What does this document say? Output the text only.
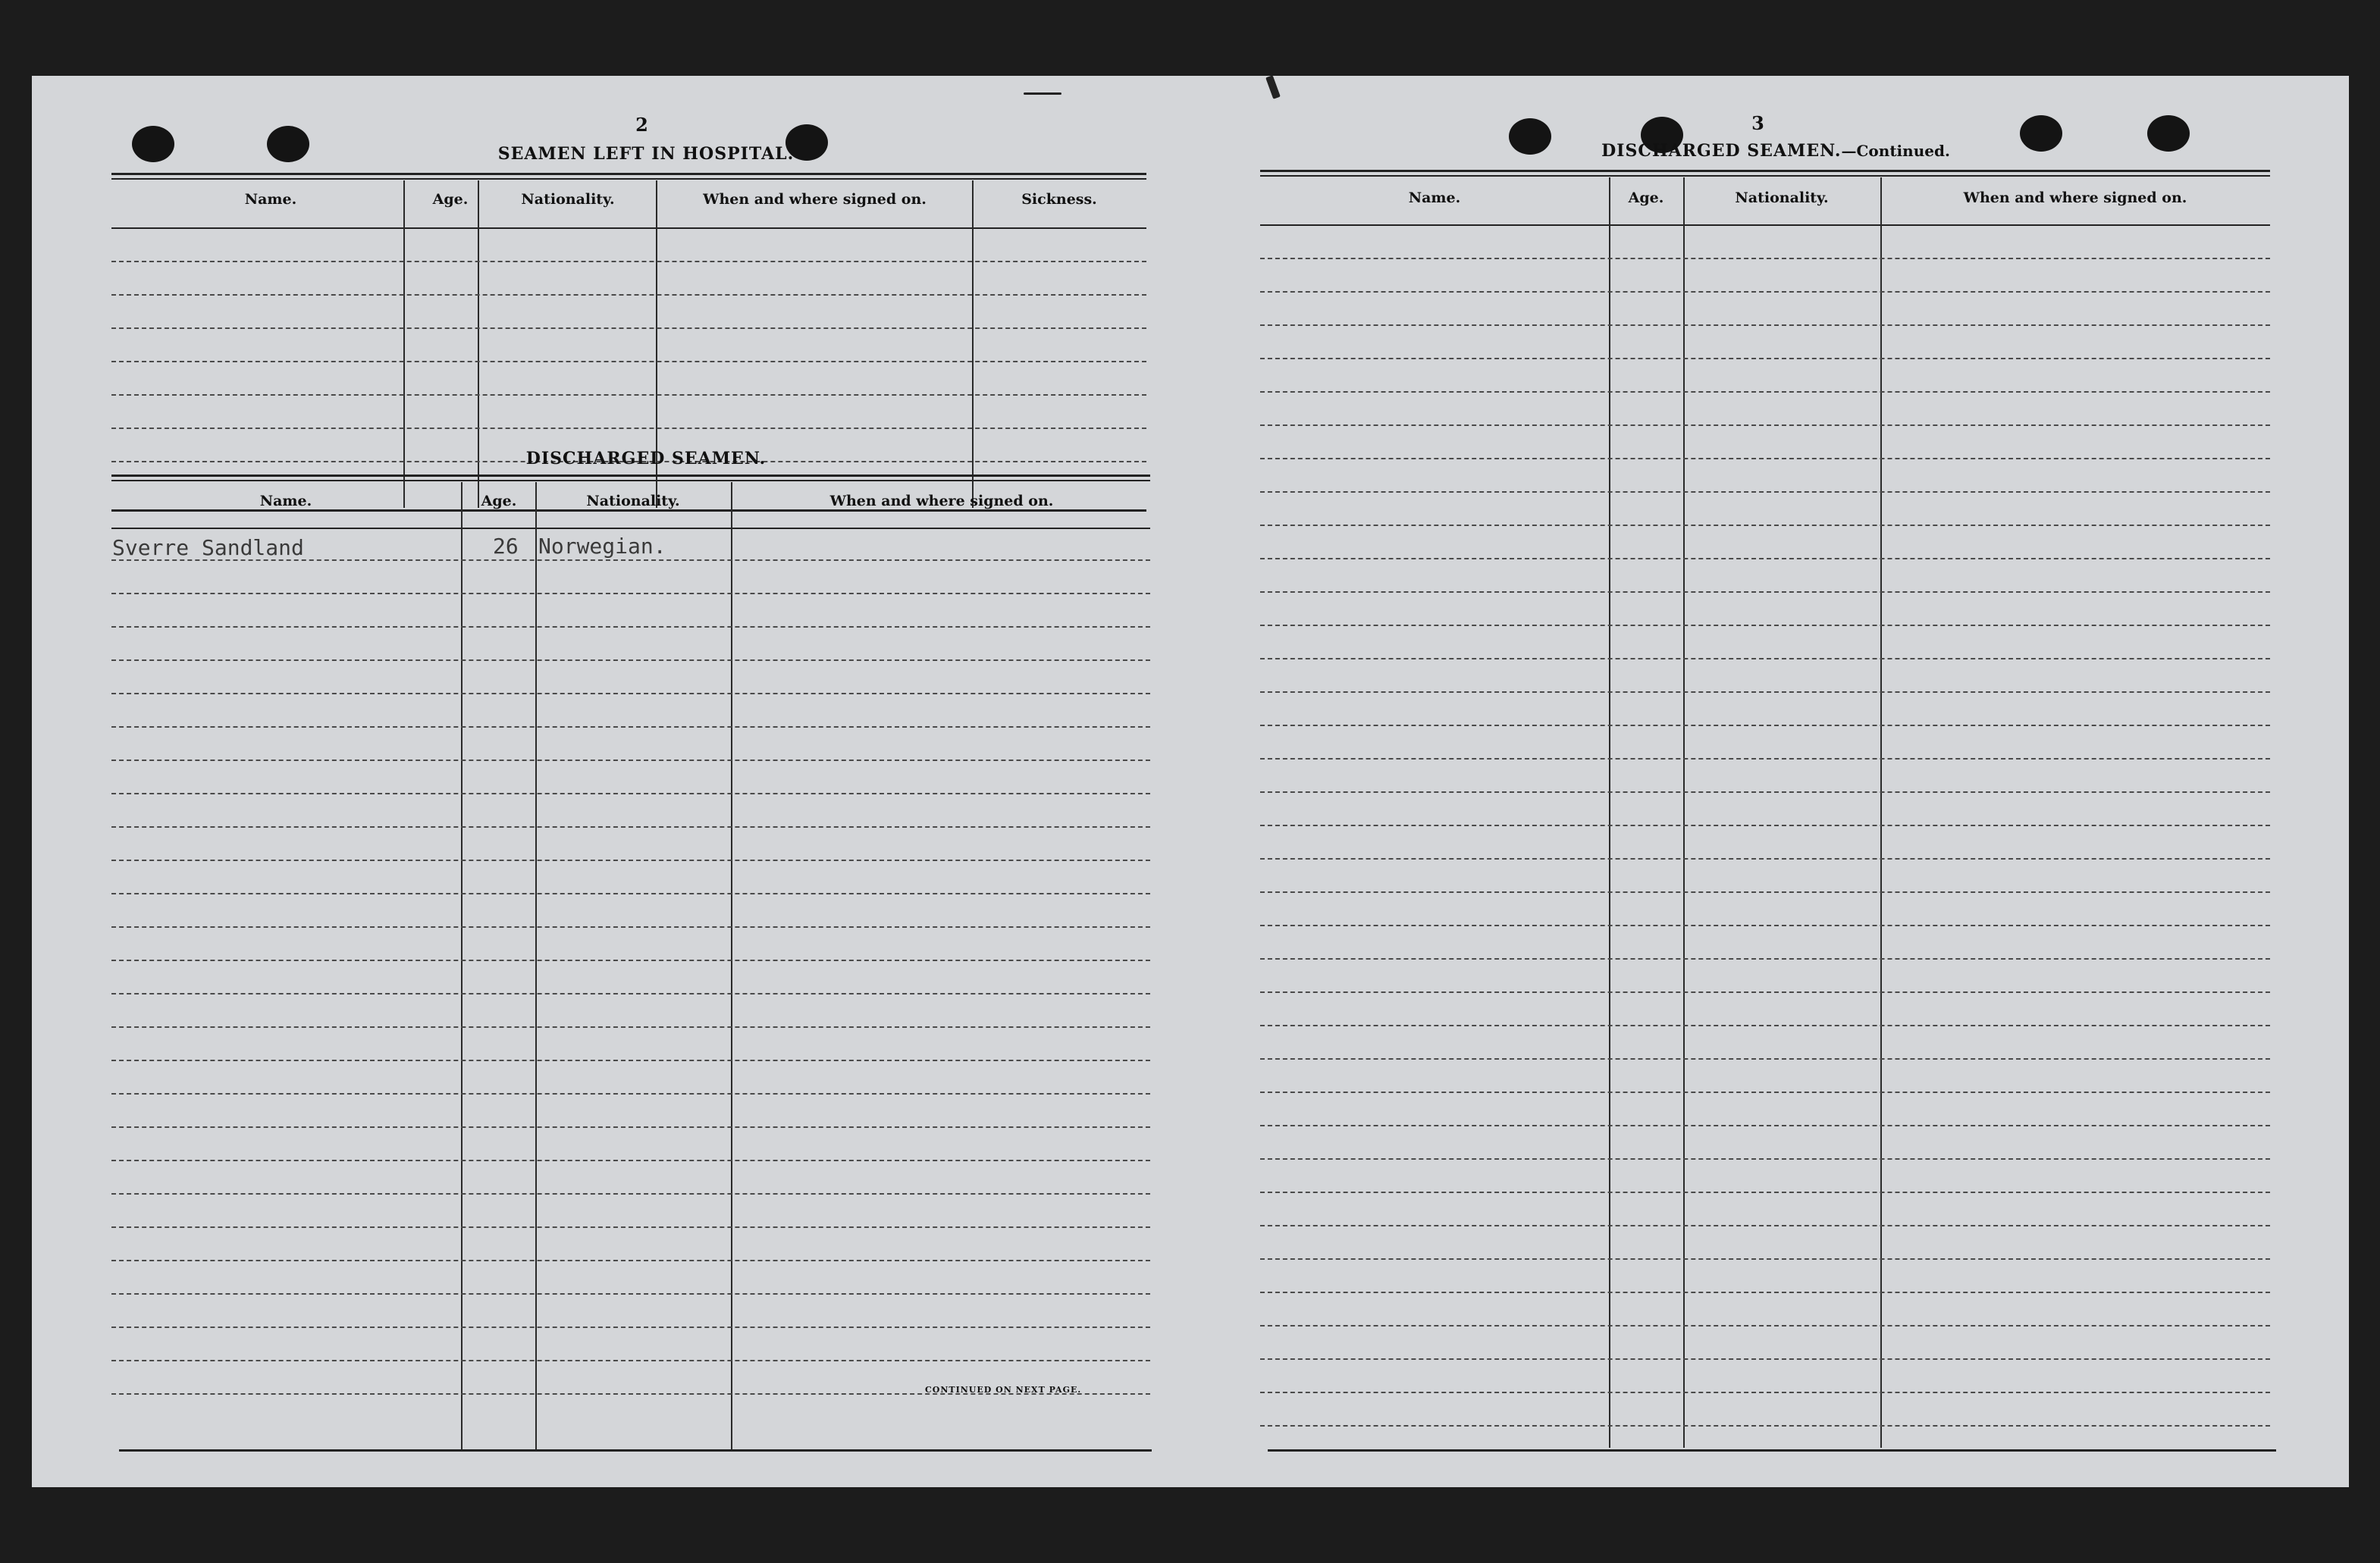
2
SEAMEN LEFT IN HOSPITAL.
Name.	Age.	Nationality.	When and where signed on.	Sickness.
DISCHARGED SEAMEN.
Name.	Age.	Nationality.	When and where signed on.
Sverre Sandland	26 Norwegian.
CONTINUED ON NEXT PAGE.
3
DISCHARGED SEAMEN.—Continued.
Name.	Age.	Nationality.	When and where signed on.
